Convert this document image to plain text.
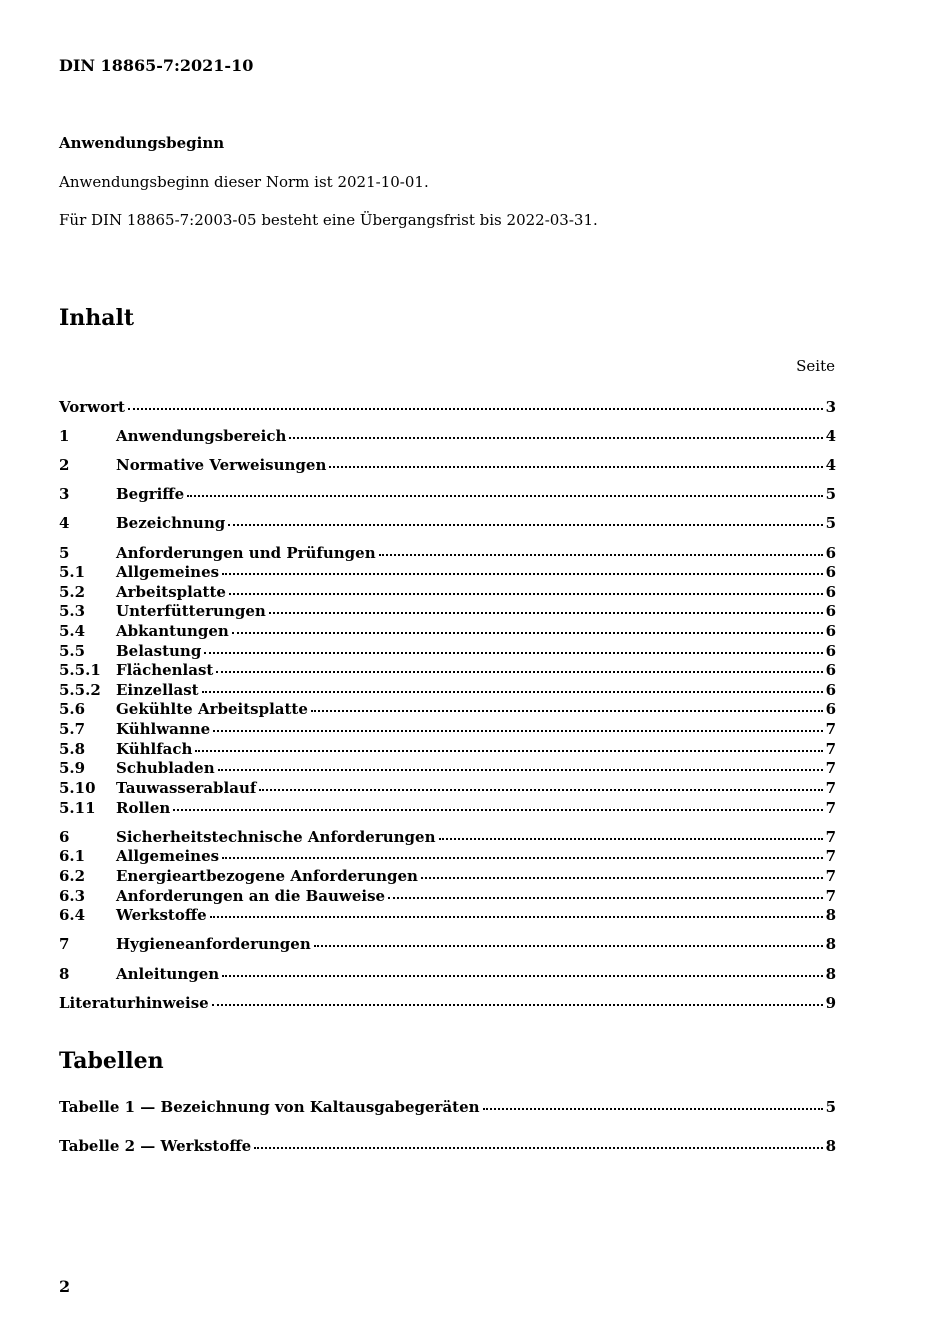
DIN 18865-7:2021-10
Anwendungsbeginn
Anwendungsbeginn dieser Norm ist 2021-10-01.
Für DIN 18865-7:2003-05 besteht eine Übergangsfrist bis 2022-03-31.
Inhalt
Seite
Vorwort	3
1	Anwendungsbereich	4
2	Normative Verweisungen	4
3	Begriffe	5
4	Bezeichnung	5
5	Anforderungen und Prüfungen	6
5.1	Allgemeines	6
5.2	Arbeitsplatte	6
5.3	Unterfütterungen	6
5.4	Abkantungen	6
5.5	Belastung	6
5.5.1	Flächenlast	6
5.5.2	Einzellast	6
5.6	Gekühlte Arbeitsplatte	6
5.7	Kühlwanne	7
5.8	Kühlfach	7
5.9	Schubladen	7
5.10	Tauwasserablauf	7
5.11	Rollen	7
6	Sicherheitstechnische Anforderungen	7
6.1	Allgemeines	7
6.2	Energieartbezogene Anforderungen	7
6.3	Anforderungen an die Bauweise	7
6.4	Werkstoffe	8
7	Hygieneanforderungen	8
8	Anleitungen	8
Literaturhinweise	9
Tabellen
Tabelle 1 — Bezeichnung von Kaltausgabegeräten	5
Tabelle 2 — Werkstoffe	8
2
